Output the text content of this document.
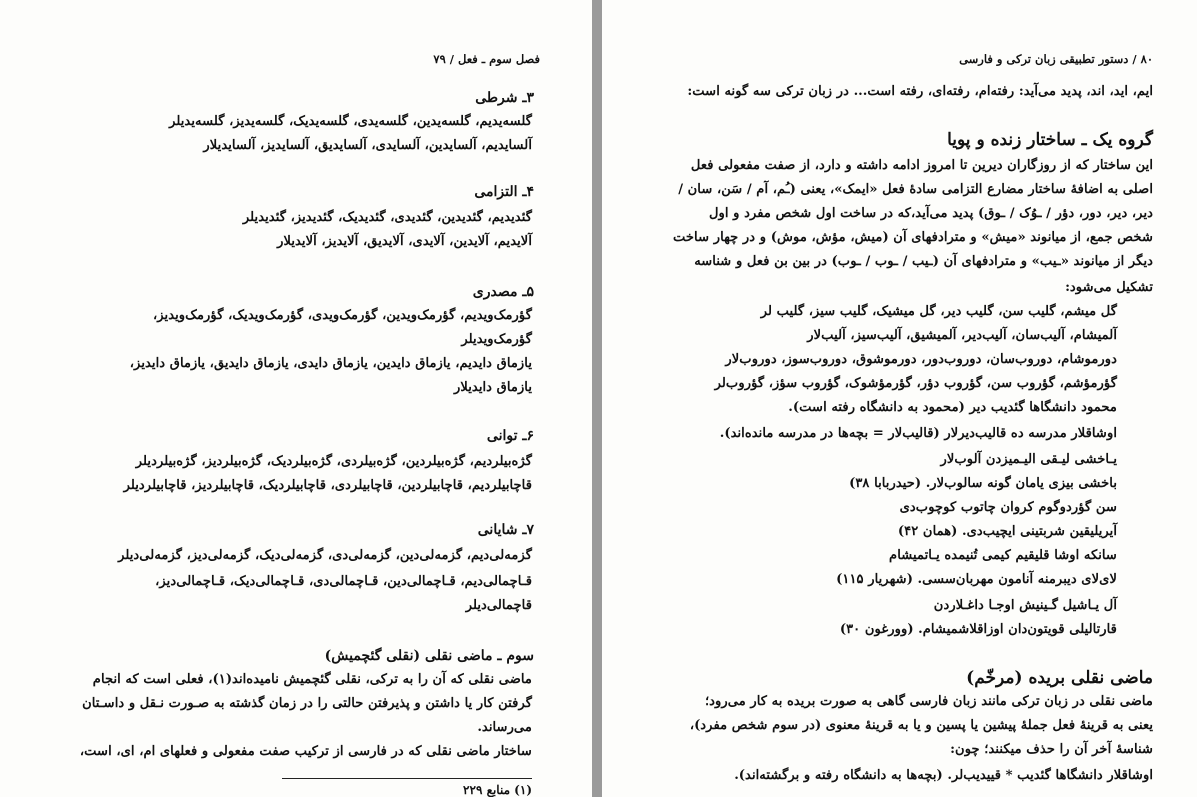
فصل سوم ـ فعل / ۷۹
۳ـ شرطی
گلسه‌یدیم، گلسه‌یدین، گلسه‌یدی، گلسه‌یدیک، گلسه‌یدیز، گلسه‌یدیلر
آلسایدیم، آلسایدین، آلسایدی، آلسایدیق، آلسایدیز، آلسایدیلار
۴ـ التزامی
گئدیدیم، گئدیدین، گئدیدی، گئدیدیک، گئدیدیز، گئدیدیلر
آلایدیم، آلایدین، آلایدی، آلایدیق، آلایدیز، آلایدیلار
۵ـ مصدری
گؤرمک‌ویدیم، گؤرمک‌ویدین، گؤرمک‌ویدی، گؤرمک‌ویدیک، گؤرمک‌ویدیز،
گؤرمک‌ویدیلر
یازماق دایدیم، یازماق دایدین، یازماق دایدی، یازماق دایدیق، یازماق دایدیز،
یازماق دایدیلار
۶ـ توانی
گژه‌بیلردیم، گژه‌بیلردین، گژه‌بیلردی، گژه‌بیلردیک، گژه‌بیلردیز، گژه‌بیلردیلر
قاچابیلردیم، قاچابیلردین، قاچابیلردی، قاچابیلردیک، قاچابیلردیز، قاچابیلردیلر
۷ـ شایانی
گزمه‌لی‌دیم، گزمه‌لی‌دین، گزمه‌لی‌دی، گزمه‌لی‌دیک، گزمه‌لی‌دیز، گزمه‌لی‌دیلر
قـاچمالی‌دیم، قـاچمالی‌دین، قـاچمالی‌دی، قـاچمالی‌دیک، قـاچمالی‌دیز،
قاچمالی‌دیلر
سوم ـ ماضی نقلی (نقلی گئچمیش)
ماضی نقلی که آن را به ترکی، نقلی گئچمیش نامیده‌اند(۱)، فعلی است که انجام
گرفتن کار یا داشتن و پذیرفتن حالتی را در زمان گذشته به صـورت نـقل و داسـتان
می‌رساند.
ساختار ماضی نقلی که در فارسی از ترکیب صفت مفعولی و فعلهای ام، ای، است،
(۱) منابع ۲۲۹
۸۰ / دستور تطبیقی زبان ترکی و فارسی
ایم، اید، اند، پدید می‌آید: رفته‌ام، رفته‌ای، رفته است... در زبان ترکی سه گونه است:
گروه یک ـ ساختار زنده و پویا
این ساختار که از روزگاران دیرین تا امروز ادامه داشته و دارد، از صفت مفعولی فعل
اصلی به اضافهٔ ساختار مضارع التزامی سادهٔ فعل «ایمک»، یعنی (ـُم، آم / سَن، سان /
دیر، دیر، دور، دؤر / ـوُک / ـوق) پدید می‌آید،که در ساخت اول شخص مفرد و اول
شخص جمع، از میانوند «میش» و مترادفهای آن (میش، مؤش، موش) و در چهار ساخت
دیگر از میانوند «ـیب» و مترادفهای آن (ـیب / ـوب / ـوب) در بین بن فعل و شناسه
تشکیل می‌شود:
گل میشم، گلیب سن، گلیب دیر، گل میشیک، گلیب سیز، گلیب لر
آلمیشام، آلیب‌سان، آلیب‌دیر، آلمیشیق، آلیب‌سیز، آلیب‌لار
دورموشام، دوروب‌سان، دوروب‌دور، دورموشوق، دوروب‌سوز، دوروب‌لار
گؤرمؤشم، گؤروب سن، گؤروب دؤر، گؤرمؤشوک، گؤروب سؤز، گؤروب‌لر
محمود دانشگاها گئدیب دیر (محمود به دانشگاه رفته است).
اوشاقلار مدرسه ده قالیب‌دیرلار (قالیب‌لار = بچه‌ها در مدرسه مانده‌اند).
یـاخشی لیـقی الیـمیزدن آلوب‌لار
باخشی بیزی یامان گونه سالوب‌لار. (حیدربابا ۳۸)
سن گؤردوگوم کروان چاتوب کوچوب‌دی
آیریلیقین شربتینی ایچیب‌دی. (همان ۴۲)
سانکه اوشا قلیقیم کیمی تُنیمده یـاتمیشام
لای‌لای دیبرمنه آنامون مهربان‌سسی. (شهریار ۱۱۵)
آل یـاشیل گـینیش اوجـا داغـلاردن
قارتالیلی قویتون‌دان اوزاقلاشمیشام. (وورغون ۳۰)
ماضی نقلی بریده (مرخّم)
ماضی نقلی در زبان ترکی مانند زبان فارسی گاهی به صورت بریده به کار می‌رود؛
یعنی به قرینهٔ فعل جملهٔ پیشین یا پسین و یا به قرینهٔ معنوی (در سوم شخص مفرد)،
شناسهٔ آخر آن را حذف میکنند؛ چون:
اوشاقلار دانشگاها گئدیب * قییدیب‌لر. (بچه‌ها به دانشگاه رفته و برگشته‌اند).
